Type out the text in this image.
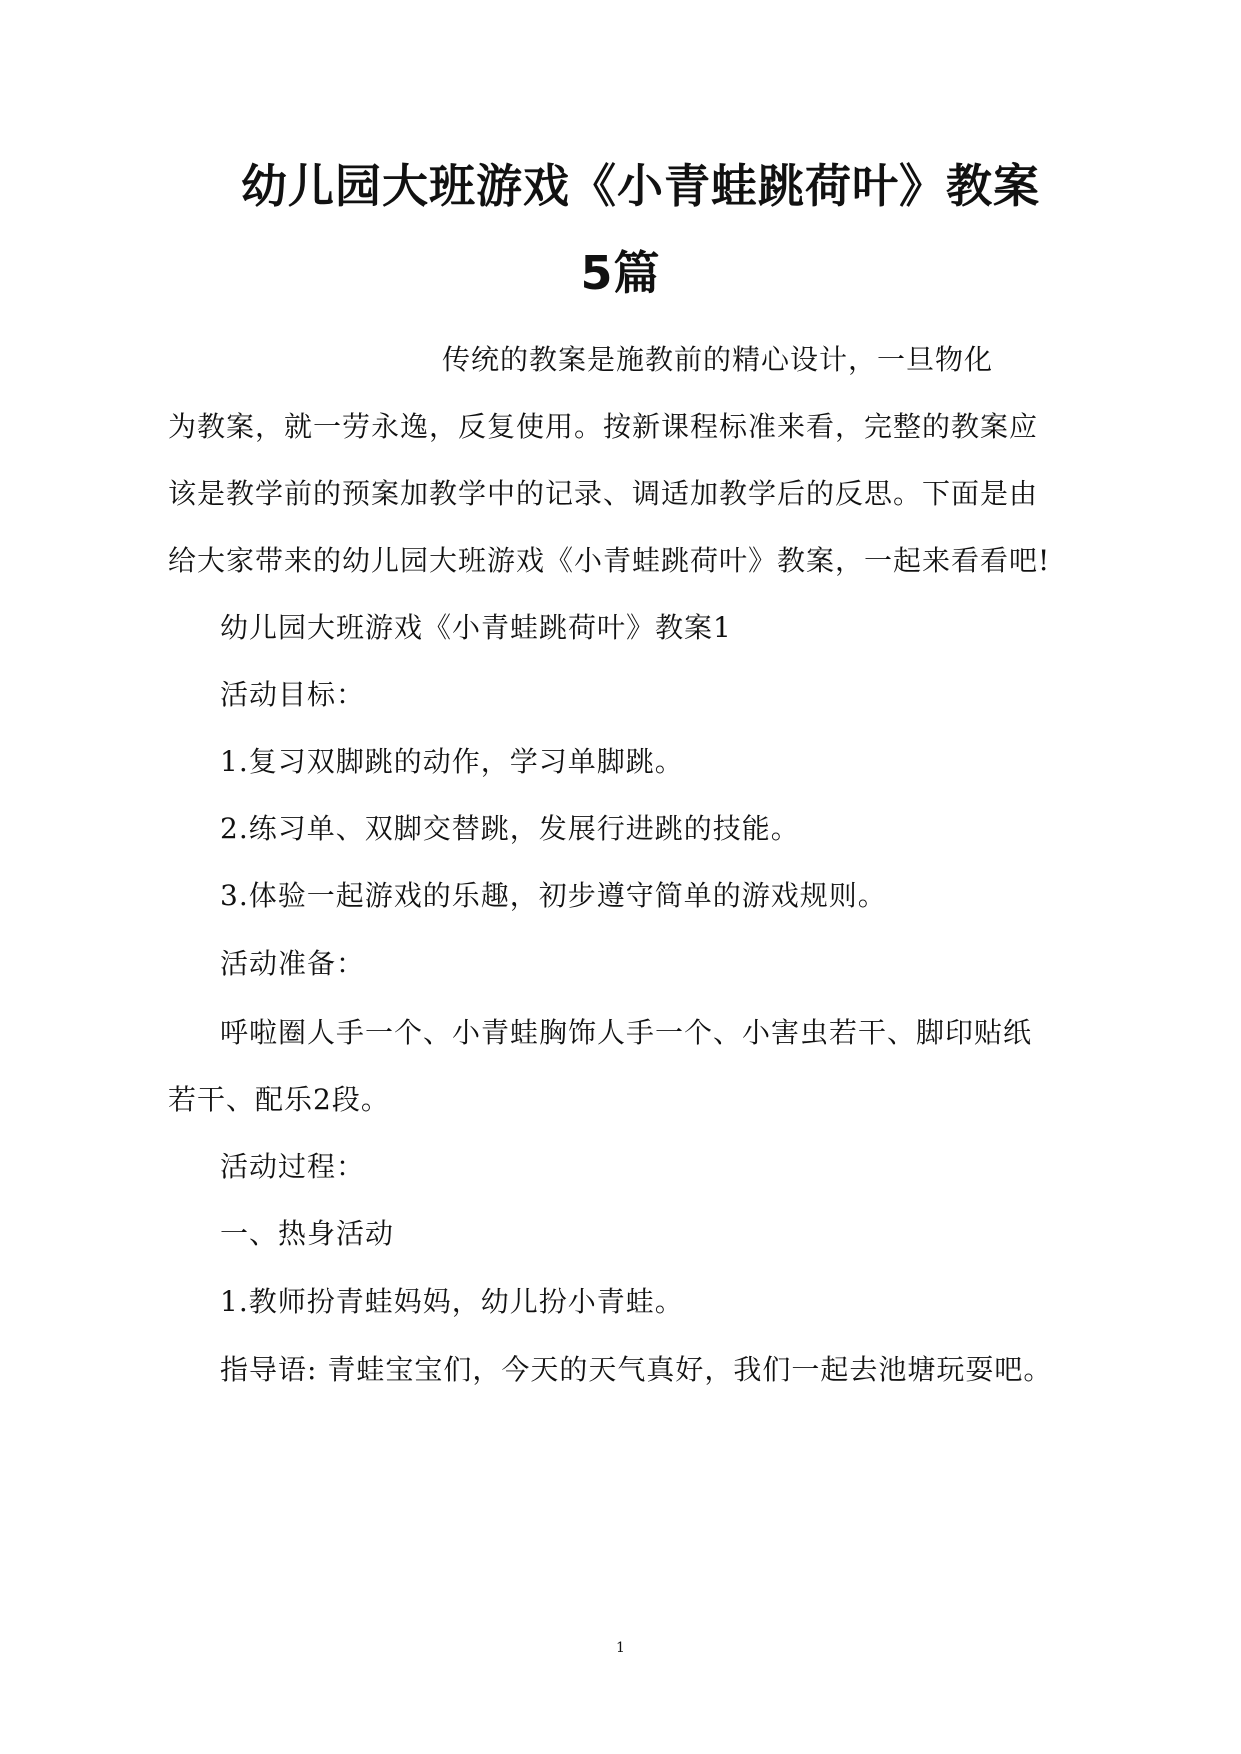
幼儿园大班游戏《小青蛙跳荷叶》教案
5篇
传统的教案是施教前的精心设计，一旦物化
为教案，就一劳永逸，反复使用。按新课程标准来看，完整的教案应
该是教学前的预案加教学中的记录、调适加教学后的反思。下面是由
给大家带来的幼儿园大班游戏《小青蛙跳荷叶》教案，一起来看看吧!
幼儿园大班游戏《小青蛙跳荷叶》教案1
活动目标：
1.复习双脚跳的动作，学习单脚跳。
2.练习单、双脚交替跳，发展行进跳的技能。
3.体验一起游戏的乐趣，初步遵守简单的游戏规则。
活动准备：
呼啦圈人手一个、小青蛙胸饰人手一个、小害虫若干、脚印贴纸
若干、配乐2段。
活动过程：
一、热身活动
1.教师扮青蛙妈妈，幼儿扮小青蛙。
指导语: 青蛙宝宝们，今天的天气真好，我们一起去池塘玩耍吧。
1
